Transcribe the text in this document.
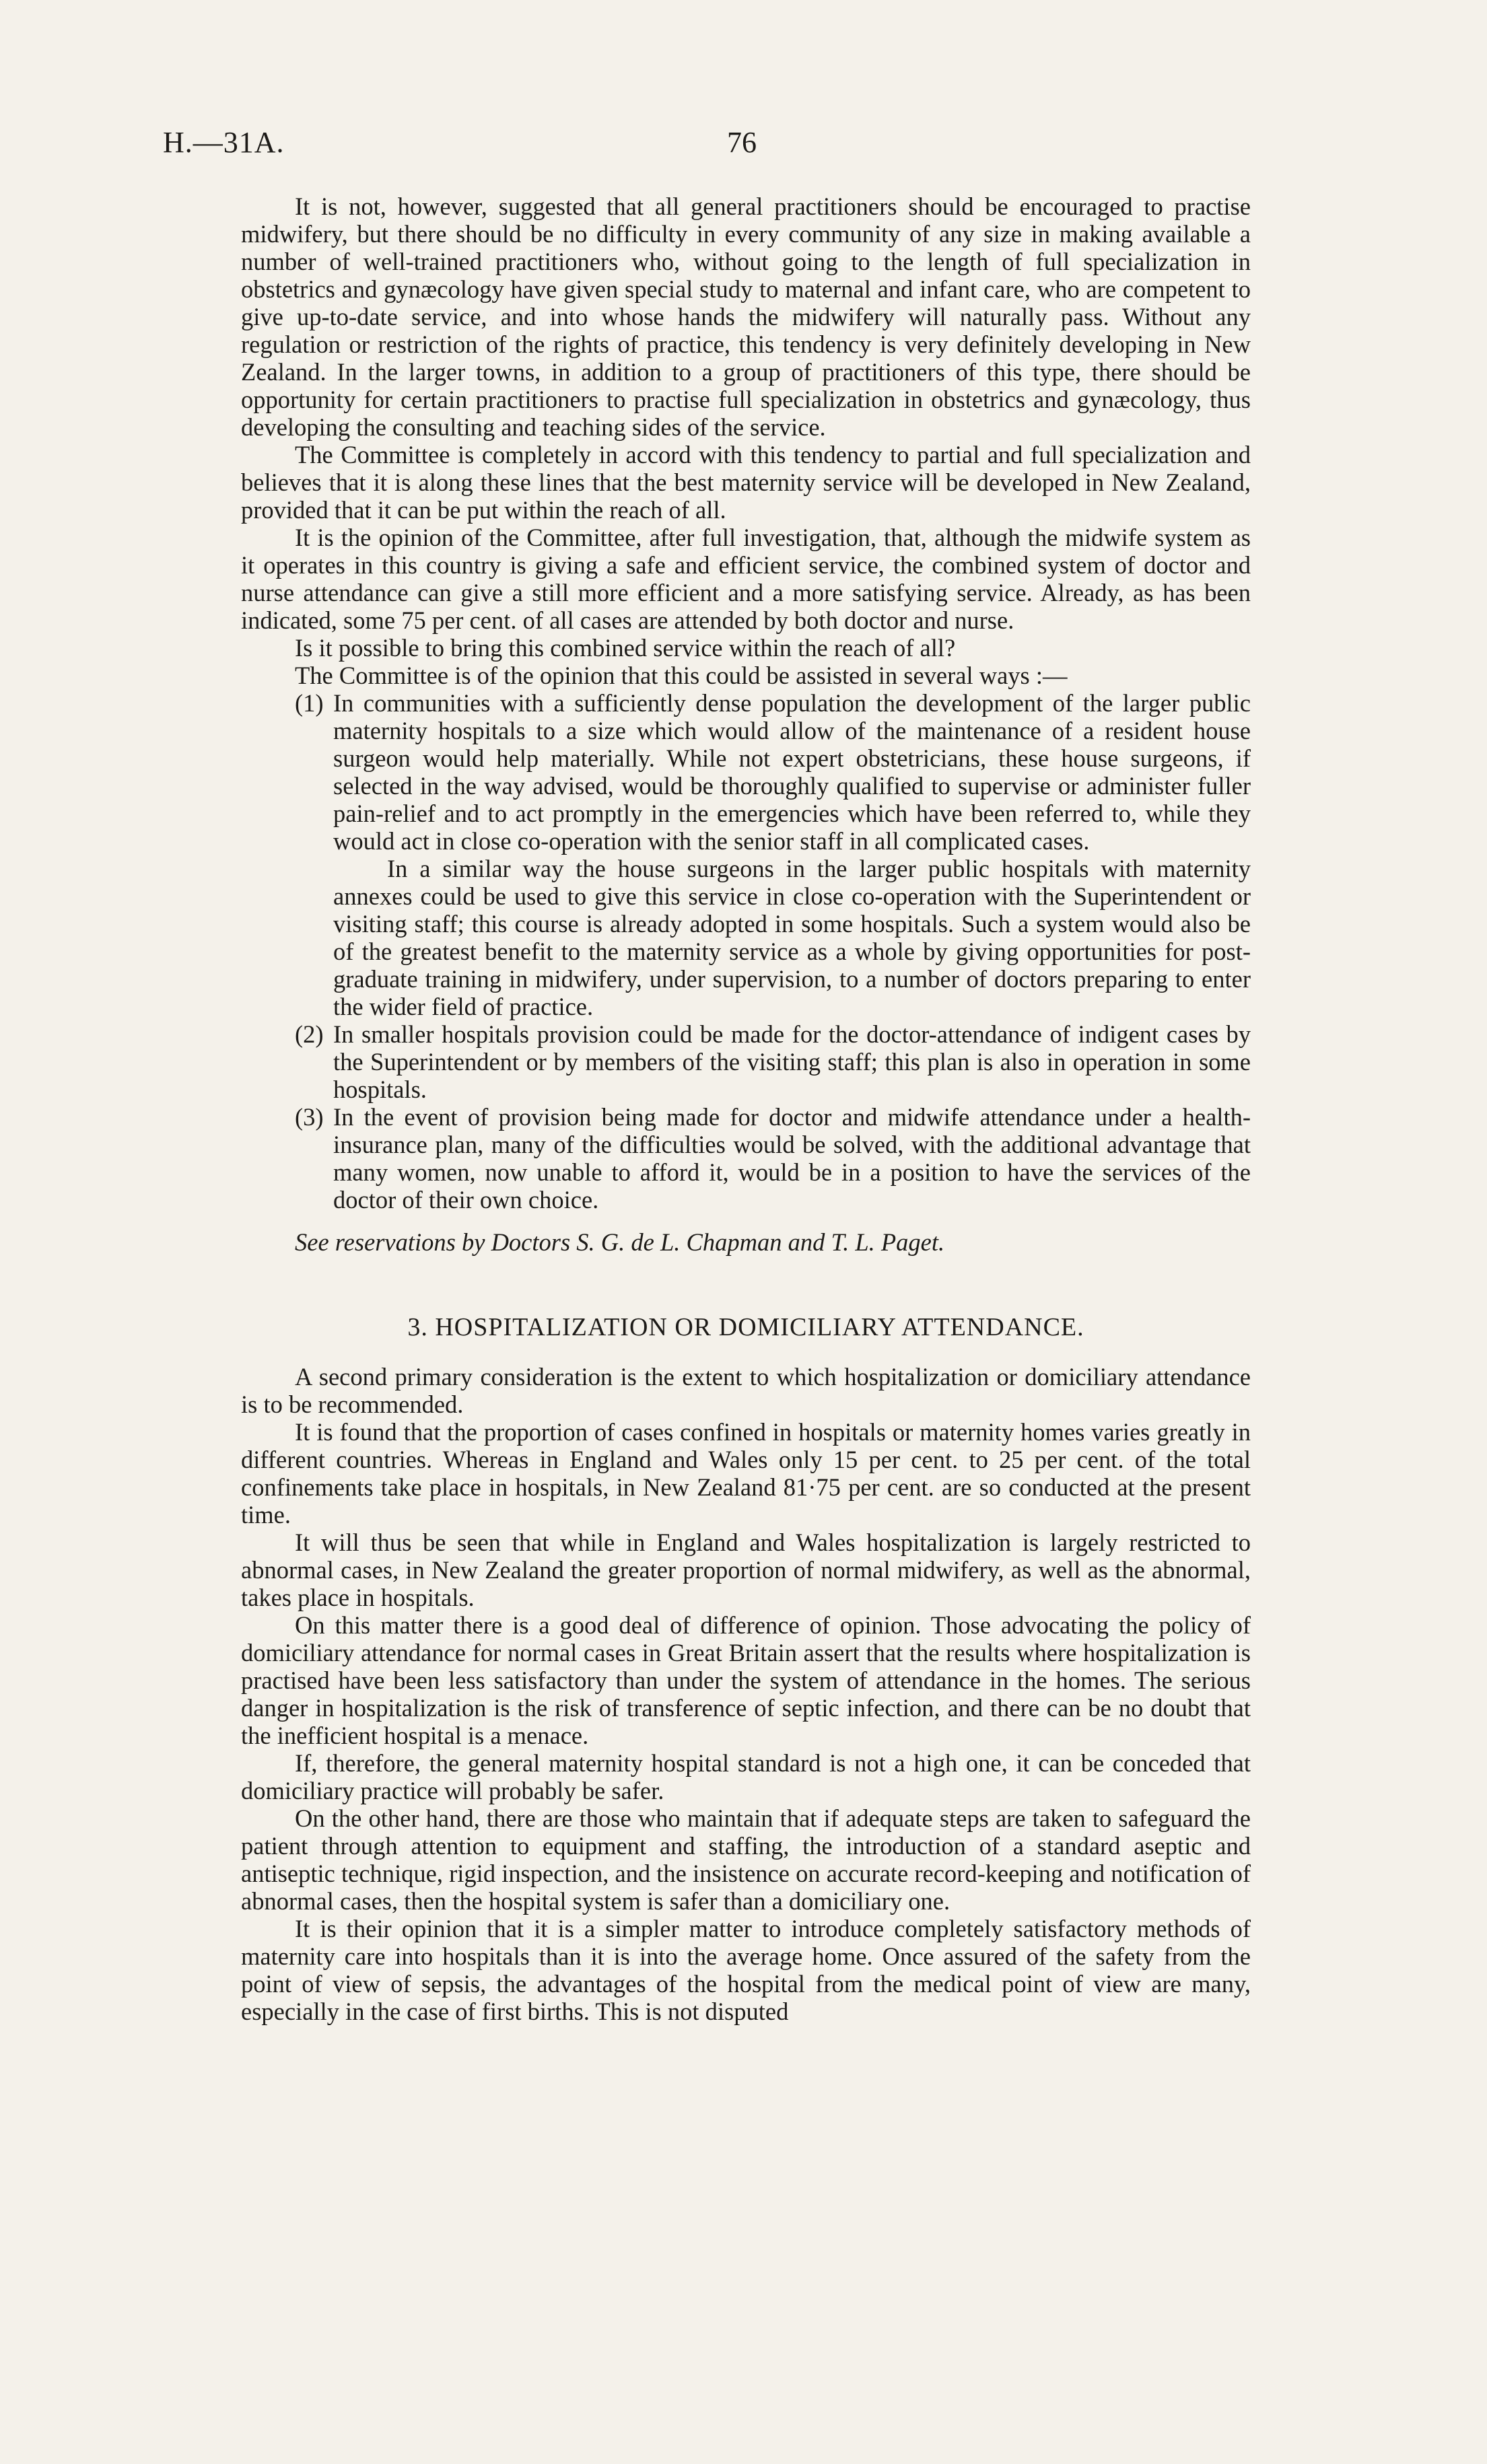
H.—31A.	76

It is not, however, suggested that all general practitioners should be encouraged to practise midwifery, but there should be no difficulty in every community of any size in making available a number of well-trained practitioners who, without going to the length of full specialization in obstetrics and gynæcology have given special study to maternal and infant care, who are competent to give up-to-date service, and into whose hands the midwifery will naturally pass. Without any regulation or restriction of the rights of practice, this tendency is very definitely developing in New Zealand. In the larger towns, in addition to a group of practitioners of this type, there should be opportunity for certain practitioners to practise full specialization in obstetrics and gynæcology, thus developing the consulting and teaching sides of the service.

The Committee is completely in accord with this tendency to partial and full specialization and believes that it is along these lines that the best maternity service will be developed in New Zealand, provided that it can be put within the reach of all.

It is the opinion of the Committee, after full investigation, that, although the midwife system as it operates in this country is giving a safe and efficient service, the combined system of doctor and nurse attendance can give a still more efficient and a more satisfying service. Already, as has been indicated, some 75 per cent. of all cases are attended by both doctor and nurse.

Is it possible to bring this combined service within the reach of all?

The Committee is of the opinion that this could be assisted in several ways :—

(1) In communities with a sufficiently dense population the development of the larger public maternity hospitals to a size which would allow of the maintenance of a resident house surgeon would help materially. While not expert obstetricians, these house surgeons, if selected in the way advised, would be thoroughly qualified to supervise or administer fuller pain-relief and to act promptly in the emergencies which have been referred to, while they would act in close co-operation with the senior staff in all complicated cases.

In a similar way the house surgeons in the larger public hospitals with maternity annexes could be used to give this service in close co-operation with the Superintendent or visiting staff; this course is already adopted in some hospitals. Such a system would also be of the greatest benefit to the maternity service as a whole by giving opportunities for post-graduate training in midwifery, under supervision, to a number of doctors preparing to enter the wider field of practice.

(2) In smaller hospitals provision could be made for the doctor-attendance of indigent cases by the Superintendent or by members of the visiting staff; this plan is also in operation in some hospitals.

(3) In the event of provision being made for doctor and midwife attendance under a health-insurance plan, many of the difficulties would be solved, with the additional advantage that many women, now unable to afford it, would be in a position to have the services of the doctor of their own choice.

See reservations by Doctors S. G. de L. Chapman and T. L. Paget.

3. HOSPITALIZATION OR DOMICILIARY ATTENDANCE.

A second primary consideration is the extent to which hospitalization or domiciliary attendance is to be recommended.

It is found that the proportion of cases confined in hospitals or maternity homes varies greatly in different countries. Whereas in England and Wales only 15 per cent. to 25 per cent. of the total confinements take place in hospitals, in New Zealand 81·75 per cent. are so conducted at the present time.

It will thus be seen that while in England and Wales hospitalization is largely restricted to abnormal cases, in New Zealand the greater proportion of normal midwifery, as well as the abnormal, takes place in hospitals.

On this matter there is a good deal of difference of opinion. Those advocating the policy of domiciliary attendance for normal cases in Great Britain assert that the results where hospitalization is practised have been less satisfactory than under the system of attendance in the homes. The serious danger in hospitalization is the risk of transference of septic infection, and there can be no doubt that the inefficient hospital is a menace.

If, therefore, the general maternity hospital standard is not a high one, it can be conceded that domiciliary practice will probably be safer.

On the other hand, there are those who maintain that if adequate steps are taken to safeguard the patient through attention to equipment and staffing, the introduction of a standard aseptic and antiseptic technique, rigid inspection, and the insistence on accurate record-keeping and notification of abnormal cases, then the hospital system is safer than a domiciliary one.

It is their opinion that it is a simpler matter to introduce completely satisfactory methods of maternity care into hospitals than it is into the average home. Once assured of the safety from the point of view of sepsis, the advantages of the hospital from the medical point of view are many, especially in the case of first births. This is not disputed
